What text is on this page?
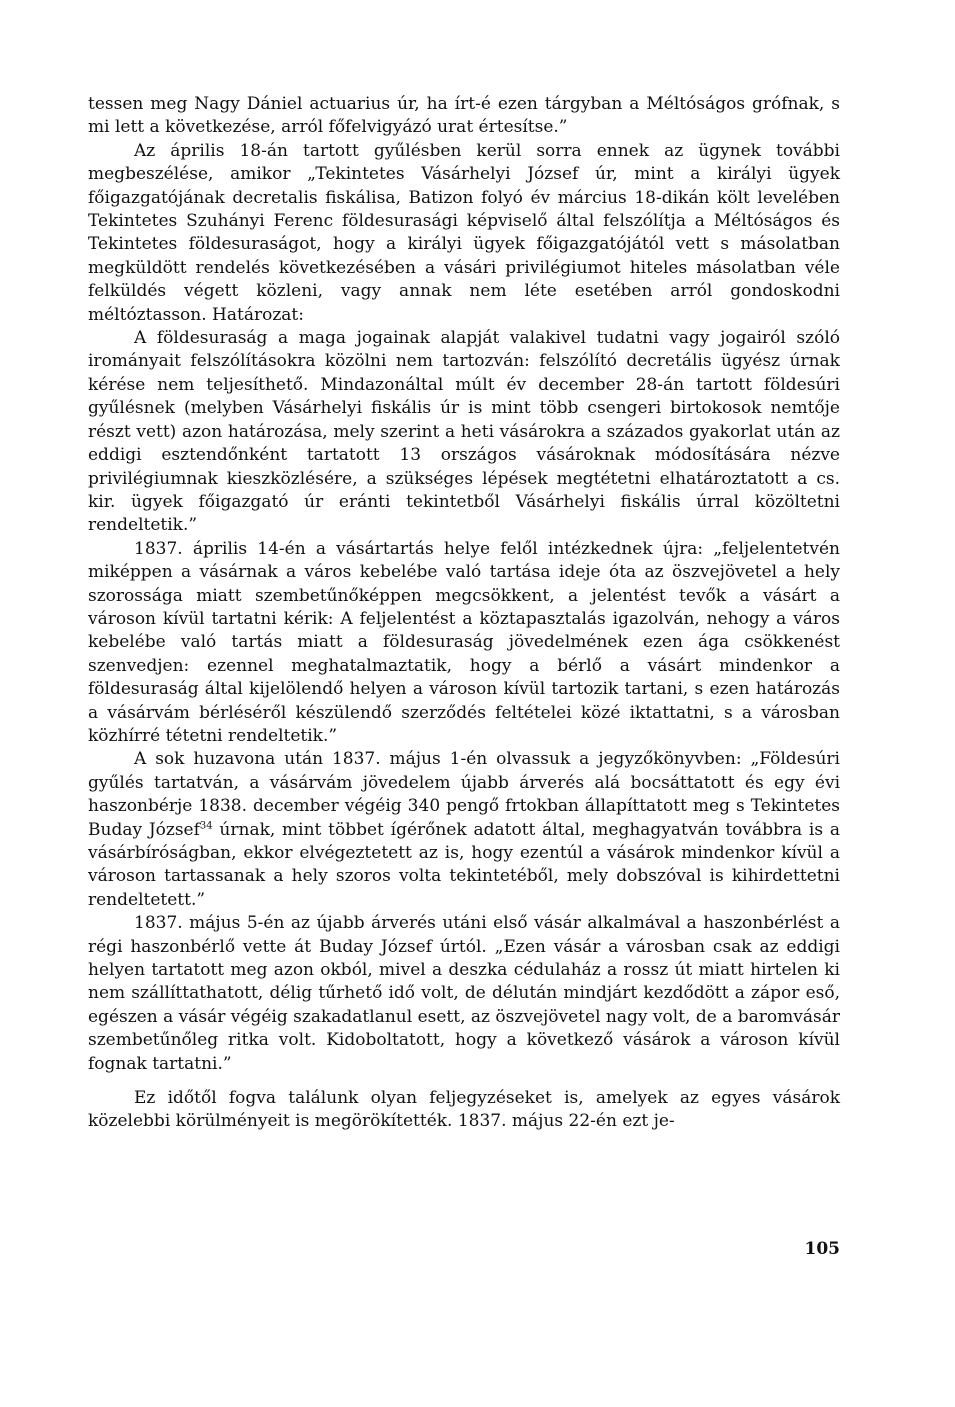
tessen meg Nagy Dániel actuarius úr, ha írt-é ezen tárgyban a Méltóságos grófnak, s mi lett a következése, arról főfelvigyázó urat értesítse.”

Az április 18-án tartott gyűlésben kerül sorra ennek az ügynek további megbeszélése, amikor „Tekintetes Vásárhelyi József úr, mint a királyi ügyek főigazgatójának decretalis fiskálisa, Batizon folyó év március 18-dikán költ levelében Tekintetes Szuhányi Ferenc földesurasági képviselő által felszólítja a Méltóságos és Tekintetes földesuraságot, hogy a királyi ügyek főigazgatójától vett s másolatban megküldött rendelés következésében a vásári privilégiumot hiteles másolatban véle felküldés végett közleni, vagy annak nem léte esetében arról gondoskodni méltóztasson. Határozat:

A földesuraság a maga jogainak alapját valakivel tudatni vagy jogairól szóló irományait felszólításokra közölni nem tartozván: felszólító decretális ügyész úrnak kérése nem teljesíthető. Mindazonáltal múlt év december 28-án tartott földesúri gyűlésnek (melyben Vásárhelyi fiskális úr is mint több csengeri birtokosok nemtője részt vett) azon határozása, mely szerint a heti vásárokra a százados gyakorlat után az eddigi esztendőnként tartatott 13 országos vásároknak módosítására nézve privilégiumnak kieszközlésére, a szükséges lépések megtétetni elhatároztatott a cs. kir. ügyek főigazgató úr eránti tekintetből Vásárhelyi fiskális úrral közöltetni rendeltetik.”

1837. április 14-én a vásártartás helye felől intézkednek újra: „feljelentetvén miképpen a vásárnak a város kebelébe való tartása ideje óta az öszvejövetel a hely szorossága miatt szembetűnőképpen megcsökkent, a jelentést tevők a vásárt a városon kívül tartatni kérik: A feljelentést a köztapasztalás igazolván, nehogy a város kebelébe való tartás miatt a földesuraság jövedelmének ezen ága csökkenést szenvedjen: ezennel meghatalmaztatik, hogy a bérlő a vásárt mindenkor a földesuraság által kijelölendő helyen a városon kívül tartozik tartani, s ezen határozás a vásárvám bérléséről készülendő szerződés feltételei közé iktattatni, s a városban közhírré tétetni rendeltetik.”

A sok huzavona után 1837. május 1-én olvassuk a jegyzőkönyvben: „Földesúri gyűlés tartatván, a vásárvám jövedelem újabb árverés alá bocsáttatott és egy évi haszonbérje 1838. december végéig 340 pengő frtokban állapíttatott meg s Tekintetes Buday József$^{34}$ úrnak, mint többet ígérőnek adatott által, meghagyatván továbbra is a vásárbíróságban, ekkor elvégeztetett az is, hogy ezentúl a vásárok mindenkor kívül a városon tartassanak a hely szoros volta tekintetéből, mely dobszóval is kihirdettetni rendeltetett.”

1837. május 5-én az újabb árverés utáni első vásár alkalmával a haszonbérlést a régi haszonbérlő vette át Buday József úrtól. „Ezen vásár a városban csak az eddigi helyen tartatott meg azon okból, mivel a deszka cédulaház a rossz út miatt hirtelen ki nem szállíttathatott, délig tűrhető idő volt, de délután mindjárt kezdődött a zápor eső, egészen a vásár végéig szakadatlanul esett, az öszvejövetel nagy volt, de a baromvásár szembetűnőleg ritka volt. Kidoboltatott, hogy a következő vásárok a városon kívül fognak tartatni.”

Ez időtől fogva találunk olyan feljegyzéseket is, amelyek az egyes vásárok közelebbi körülményeit is megörökítették. 1837. május 22-én ezt je-

105
